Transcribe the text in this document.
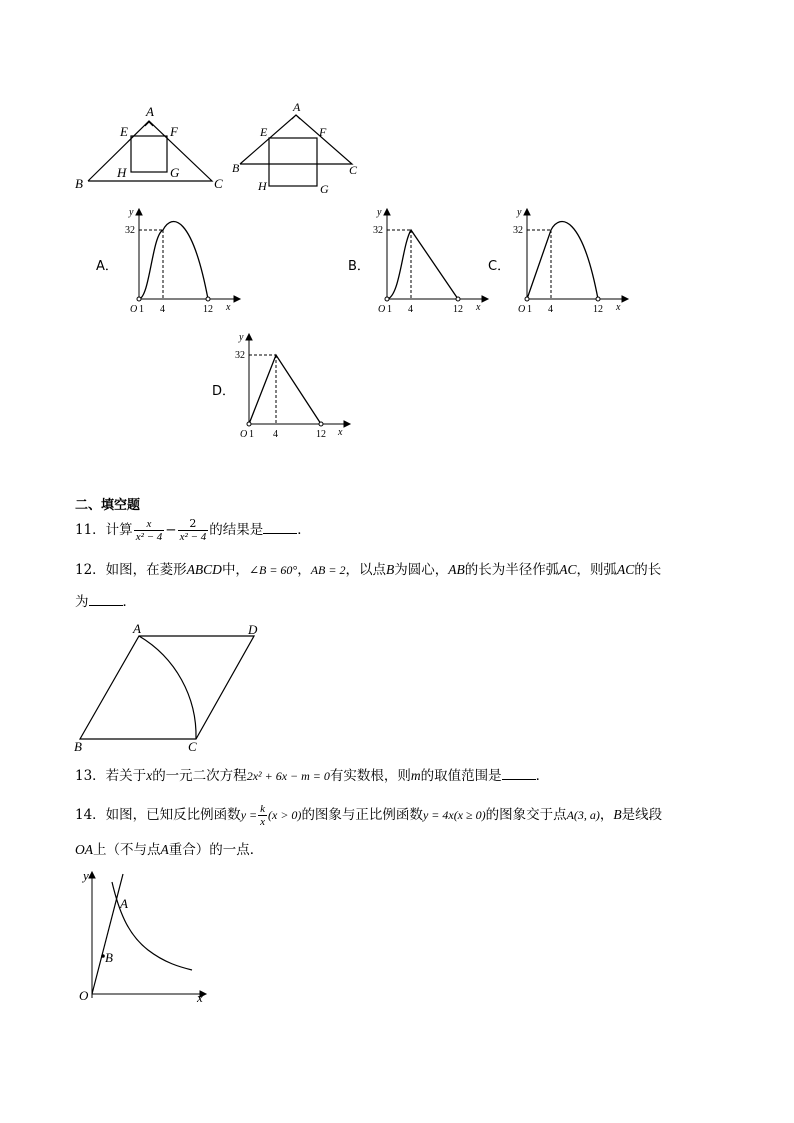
A
E	F
B
H	G
C
A
E	F
B	C
H	G
A．
32
y
O 1 4	12 x
B．
32
y
O 1 4	12 x
C．
32
y
O 1 4	12 x
D．
32
y
O 1 4	12 x
二、填空题
11．计算 $\frac{x}{\text{x² − 4}} - \frac{2}{\text{x² − 4}}$ 的结果是	．
12．如图，在菱形ABCD中，∠B = 60°，AB = 2，以点B为圆心，AB的长为半径作弧AC，则弧AC的长
为	．
A	D
B	C
13．若关于x的一元二次方程2x² + 6x − m = 0有实数根，则m的取值范围是	．
14．如图，已知反比例函数$y = \frac{k}{x} (x > 0)$的图象与正比例函数y = 4x(x ≥ 0)的图象交于点A(3, a)，B是线段
OA上（不与点A重合）的一点．
y
A
B
O	x
